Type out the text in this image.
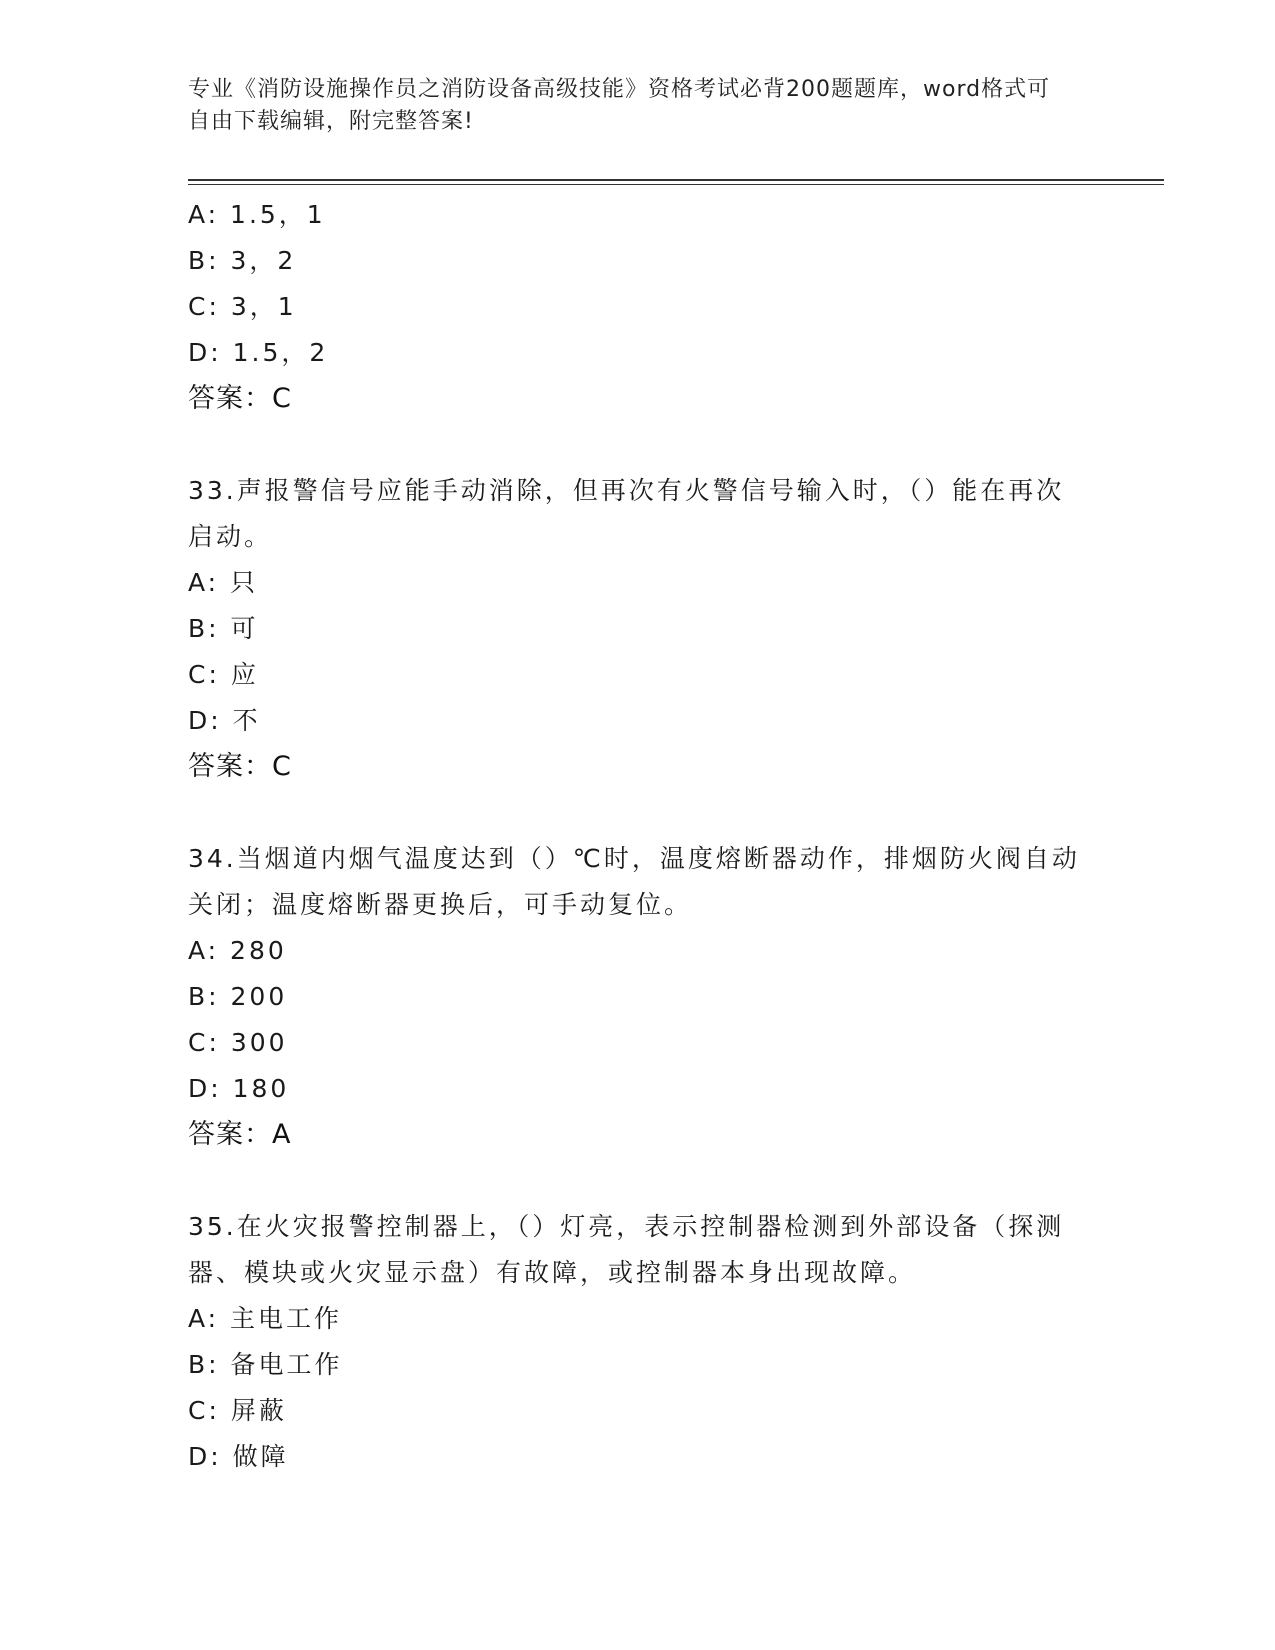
专业《消防设施操作员之消防设备高级技能》资格考试必背200题题库，word格式可自由下载编辑，附完整答案!
A: 1.5，1
B: 3，2
C: 3，1
D: 1.5，2
答案：C
33.声报警信号应能手动消除，但再次有火警信号输入时，（）能在再次启动。
A: 只
B: 可
C: 应
D: 不
答案：C
34.当烟道内烟气温度达到（）℃时，温度熔断器动作，排烟防火阀自动关闭；温度熔断器更换后，可手动复位。
A: 280
B: 200
C: 300
D: 180
答案：A
35.在火灾报警控制器上，（）灯亮，表示控制器检测到外部设备（探测器、模块或火灾显示盘）有故障，或控制器本身出现故障。
A: 主电工作
B: 备电工作
C: 屏蔽
D: 做障
